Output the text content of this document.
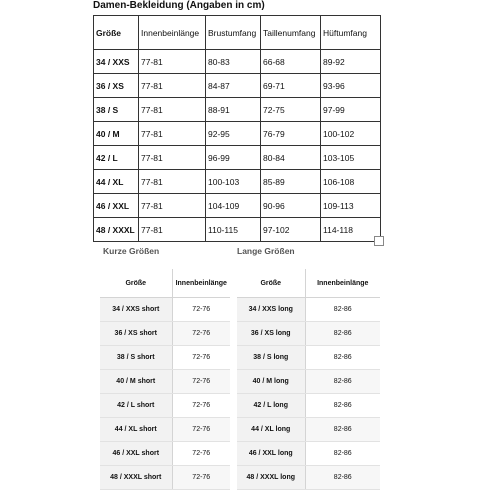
Damen-Bekleidung (Angaben in cm)
Größe	Innenbeinlänge	Brustumfang	Taillenumfang	Hüftumfang
34 / XXS	77-81	80-83	66-68	89-92
36 / XS	77-81	84-87	69-71	93-96
38 / S	77-81	88-91	72-75	97-99
40 / M	77-81	92-95	76-79	100-102
42 / L	77-81	96-99	80-84	103-105
44 / XL	77-81	100-103	85-89	106-108
46 / XXL	77-81	104-109	90-96	109-113
48 / XXXL	77-81	110-115	97-102	114-118
Kurze Größen	Lange Größen
Größe	Innenbeinlänge
34 / XXS short	72-76
36 / XS short	72-76
38 / S short	72-76
40 / M short	72-76
42 / L short	72-76
44 / XL short	72-76
46 / XXL short	72-76
48 / XXXL short	72-76
Größe	Innenbeinlänge
34 / XXS long	82-86
36 / XS long	82-86
38 / S long	82-86
40 / M long	82-86
42 / L long	82-86
44 / XL long	82-86
46 / XXL long	82-86
48 / XXXL long	82-86
